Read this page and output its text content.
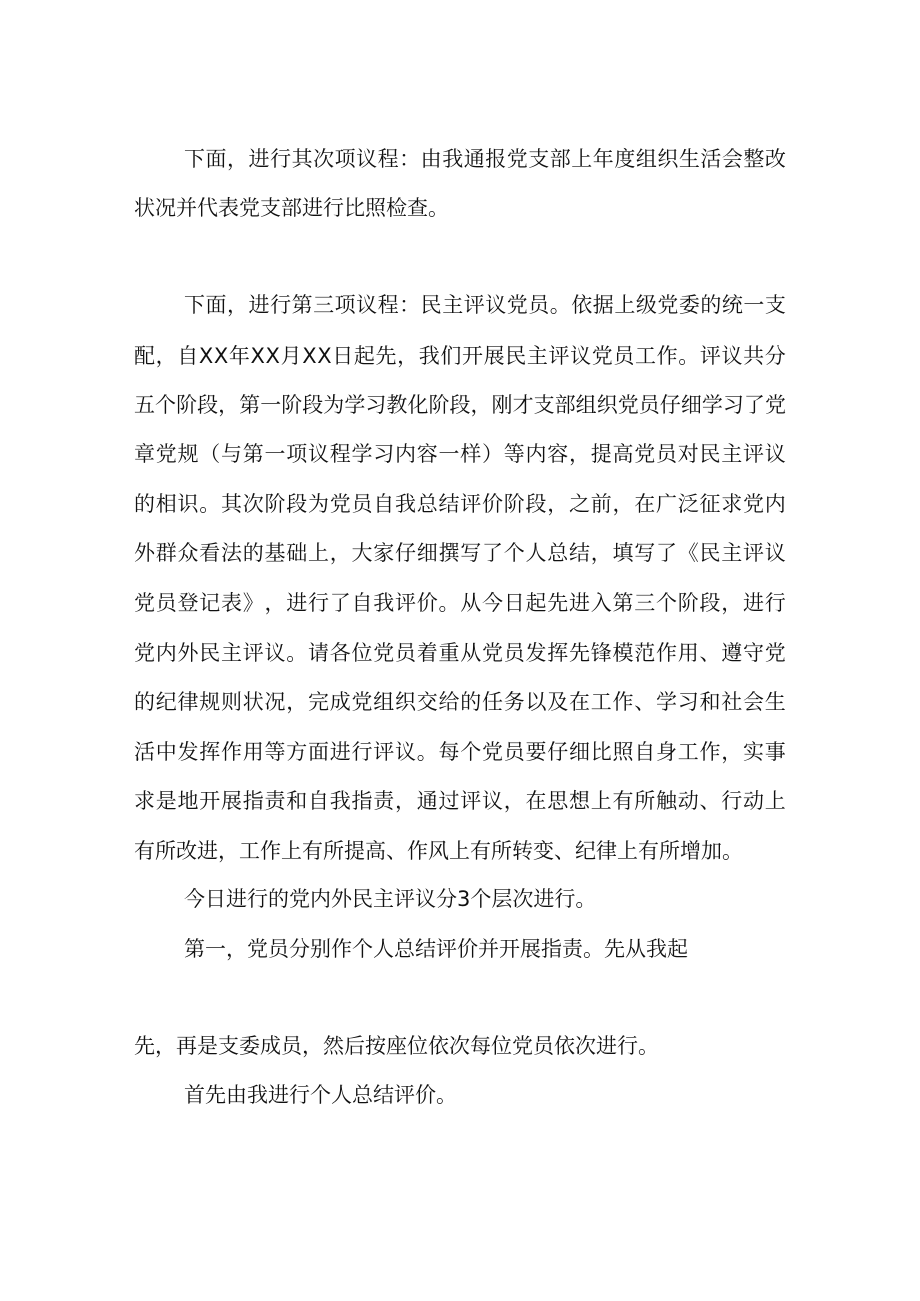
下 面 ， 进 行 其 次 项 议 程 ： 由 我 通 报 党 支 部 上 年 度 组 织 生 活 会 整 改

状况并代表党支部进行比照检查。

下 面 ， 进 行 第 三 项 议 程 ： 民 主 评 议 党 员 。 依 据 上 级 党 委 的 统 一 支

配 ， 自 X X 年 X X 月 X X 日 起 先 ， 我 们 开 展 民 主 评 议 党 员 工 作 。 评 议 共 分

五 个 阶 段 ， 第 一 阶 段 为 学 习 教 化 阶 段 ， 刚 才 支 部 组 织 党 员 仔 细 学 习 了 党

章 党 规 （ 与 第 一 项 议 程 学 习 内 容 一 样 ） 等 内 容 ， 提 高 党 员 对 民 主 评 议

的 相 识 。 其 次 阶 段 为 党 员 自 我 总 结 评 价 阶 段 ， 之 前 ， 在 广 泛 征 求 党 内

外 群 众 看 法 的 基 础 上 ， 大 家 仔 细 撰 写 了 个 人 总 结 ， 填 写 了 《 民 主 评 议

党 员 登 记 表 》 ， 进 行 了 自 我 评 价 。 从 今 日 起 先 进 入 第 三 个 阶 段 ， 进 行

党 内 外 民 主 评 议 。 请 各 位 党 员 着 重 从 党 员 发 挥 先 锋 模 范 作 用 、 遵 守 党

的 纪 律 规 则 状 况 ， 完 成 党 组 织 交 给 的 任 务 以 及 在 工 作 、 学 习 和 社 会 生

活 中 发 挥 作 用 等 方 面 进 行 评 议 。 每 个 党 员 要 仔 细 比 照 自 身 工 作 ， 实 事

求 是 地 开 展 指 责 和 自 我 指 责 ， 通 过 评 议 ， 在 思 想 上 有 所 触 动 、 行 动 上

有所改进，工作上有所提高、作风上有所转变、纪律上有所增加。

今日进行的党内外民主评议分3个层次进行。

第一，党员分别作个人总结评价并开展指责。先从我起

先，再是支委成员，然后按座位依次每位党员依次进行。

首先由我进行个人总结评价。
